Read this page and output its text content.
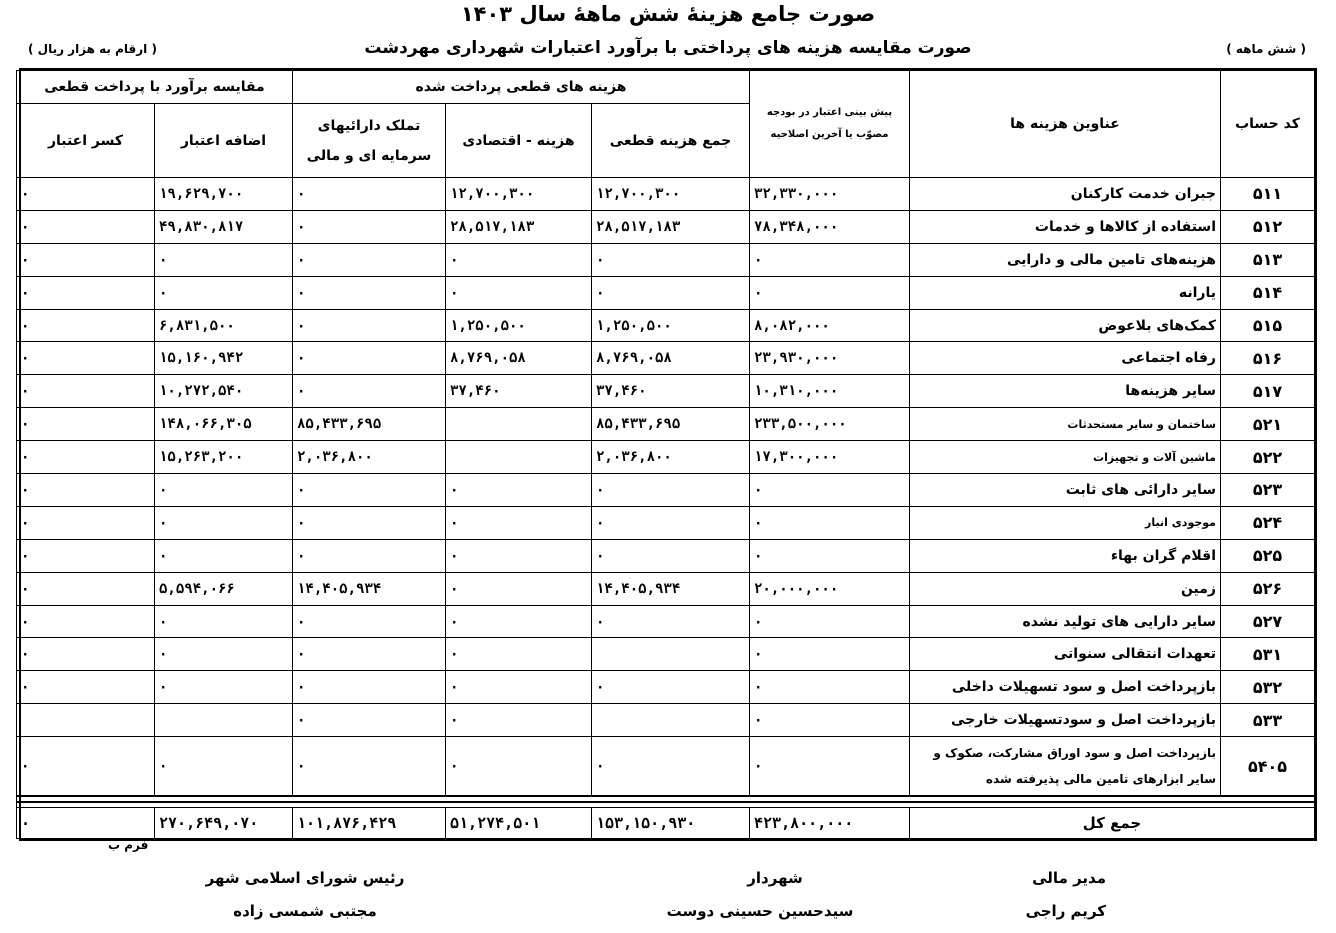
صورت جامع هزینهٔ شش ماههٔ سال ۱۴۰۳
صورت مقایسه هزینه های پرداختی با برآورد اعتبارات شهرداری مهردشت	( شش ماهه )
( ارقام به هزار ریال )
کد حساب	عناوین هزینه ها	پیش بینی اعتبار در بودجه مصوّب یا آخرین اصلاحیه	هزینه های قطعی پرداخت شده			مقایسه برآورد با پرداخت قطعی	
			جمع هزینه قطعی	هزینه - اقتصادی	تملک دارائیهای سرمایه ای و مالی	اضافه اعتبار	کسر اعتبار
۵۱۱	جبران خدمت کارکنان	۳۲,۳۳۰,۰۰۰	۱۲,۷۰۰,۳۰۰	۱۲,۷۰۰,۳۰۰	۰	۱۹,۶۲۹,۷۰۰	۰
۵۱۲	استفاده از کالاها و خدمات	۷۸,۳۴۸,۰۰۰	۲۸,۵۱۷,۱۸۳	۲۸,۵۱۷,۱۸۳	۰	۴۹,۸۳۰,۸۱۷	۰
۵۱۳	هزینه‌های تامین مالی و دارایی	۰	۰	۰	۰	۰	۰
۵۱۴	یارانه	۰	۰	۰	۰	۰	۰
۵۱۵	کمک‌های بلاعوض	۸,۰۸۲,۰۰۰	۱,۲۵۰,۵۰۰	۱,۲۵۰,۵۰۰	۰	۶,۸۳۱,۵۰۰	۰
۵۱۶	رفاه اجتماعی	۲۳,۹۳۰,۰۰۰	۸,۷۶۹,۰۵۸	۸,۷۶۹,۰۵۸	۰	۱۵,۱۶۰,۹۴۲	۰
۵۱۷	سایر هزینه‌ها	۱۰,۳۱۰,۰۰۰	۳۷,۴۶۰	۳۷,۴۶۰	۰	۱۰,۲۷۲,۵۴۰	۰
۵۲۱	ساختمان و سایر مستحدثات	۲۳۳,۵۰۰,۰۰۰	۸۵,۴۳۳,۶۹۵		۸۵,۴۳۳,۶۹۵	۱۴۸,۰۶۶,۳۰۵	۰
۵۲۲	ماشین آلات و تجهیزات	۱۷,۳۰۰,۰۰۰	۲,۰۳۶,۸۰۰		۲,۰۳۶,۸۰۰	۱۵,۲۶۳,۲۰۰	۰
۵۲۳	سایر دارائی های ثابت	۰	۰	۰	۰	۰	۰
۵۲۴	موجودی انبار	۰	۰	۰	۰	۰	۰
۵۲۵	اقلام گران بهاء	۰	۰	۰	۰	۰	۰
۵۲۶	زمین	۲۰,۰۰۰,۰۰۰	۱۴,۴۰۵,۹۳۴	۰	۱۴,۴۰۵,۹۳۴	۵,۵۹۴,۰۶۶	۰
۵۲۷	سایر دارایی های تولید نشده	۰	۰	۰	۰	۰	۰
۵۳۱	تعهدات انتقالی سنواتی	۰		۰	۰	۰	۰
۵۳۲	بازپرداخت اصل و سود تسهیلات داخلی	۰	۰	۰	۰	۰	۰
۵۳۳	بازپرداخت اصل و سودتسهیلات خارجی	۰		۰	۰		
۵۴۰۵	بازپرداخت اصل و سود اوراق مشارکت، صکوک و سایر ابزارهای تامین مالی پذیرفته شده	۰	۰	۰	۰	۰	۰

جمع کل		۴۲۳,۸۰۰,۰۰۰	۱۵۳,۱۵۰,۹۳۰	۵۱,۲۷۴,۵۰۱	۱۰۱,۸۷۶,۴۲۹	۲۷۰,۶۴۹,۰۷۰	۰
فرم ب
مدیر مالی
کریم راجی
شهردار
سیدحسین حسینی دوست
رئیس شورای اسلامی شهر
مجتبی شمسی زاده
